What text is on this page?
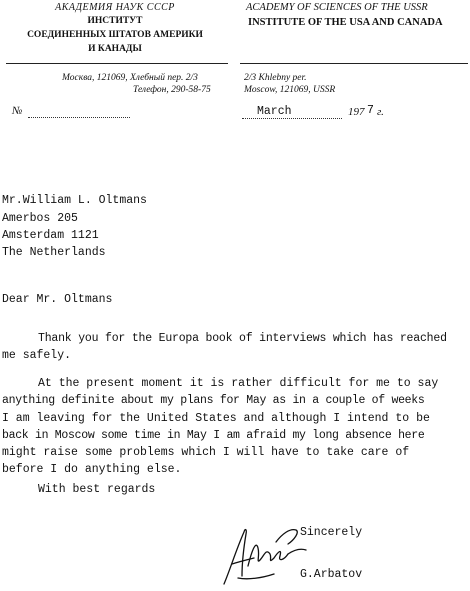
АКАДЕМИЯ НАУК СССР
ИНСТИТУТ
СОЕДИНЕННЫХ ШТАТОВ АМЕРИКИ
И КАНАДЫ
ACADEMY OF SCIENCES OF THE USSR
INSTITUTE OF THE USA AND CANADA
Москва, 121069, Хлебный пер. 2/3
Телефон, 290-58-75
2/3 Khlebny per.
Moscow, 121069, USSR
№	March	197 7 г.
Mr.William L. Oltmans
Amerbos 205
Amsterdam 1121
The Netherlands
Dear Mr. Oltmans
Thank you for the Europa book of interviews which has reached
me safely.
At the present moment it is rather difficult for me to say
anything definite about my plans for May as in a couple of weeks
I am leaving for the United States and although I intend to be
back in Moscow some time in May I am afraid my long absence here
might raise some problems which I will have to take care of
before I do anything else.
With best regards
Sincerely
G.Arbatov
